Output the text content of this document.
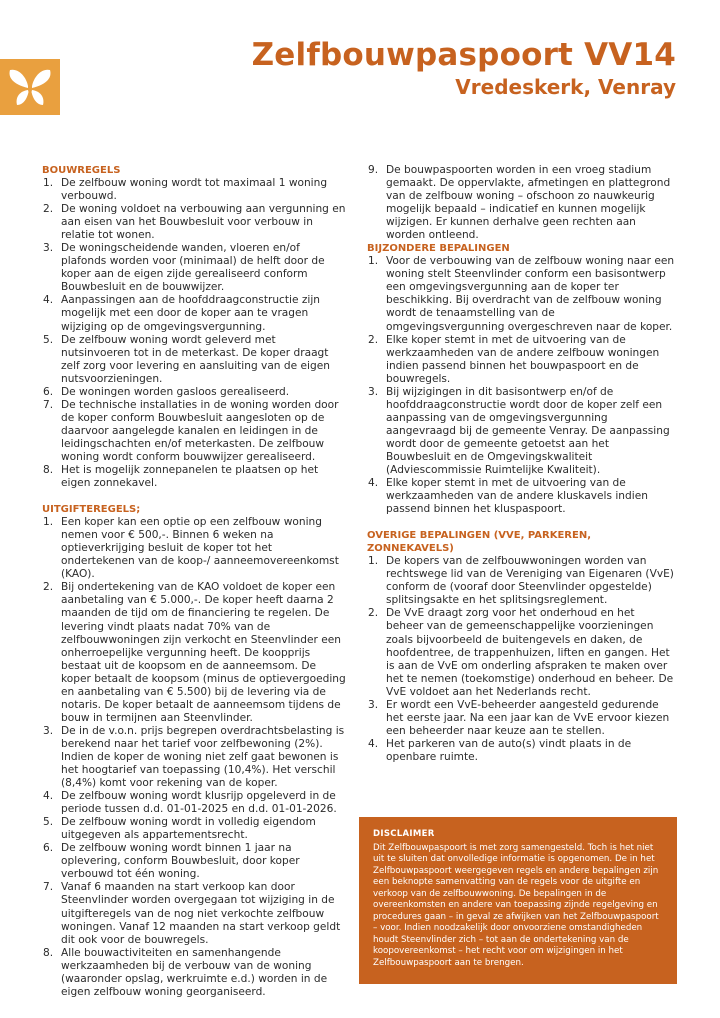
Zelfbouwpaspoort VV14
Vredeskerk, Venray
BOUWREGELS
1. De zelfbouw woning wordt tot maximaal 1 woning verbouwd.
2. De woning voldoet na verbouwing aan vergunning en aan eisen van het Bouwbesluit voor verbouw in relatie tot wonen.
3. De woningscheidende wanden, vloeren en/of plafonds worden voor (minimaal) de helft door de koper aan de eigen zijde gerealiseerd conform Bouwbesluit en de bouwwijzer.
4. Aanpassingen aan de hoofddraagconstructie zijn mogelijk met een door de koper aan te vragen wijziging op de omgevingsvergunning.
5. De zelfbouw woning wordt geleverd met nutsinvoeren tot in de meterkast. De koper draagt zelf zorg voor levering en aansluiting van de eigen nutsvoorzieningen.
6. De woningen worden gasloos gerealiseerd.
7. De technische installaties in de woning worden door de koper conform Bouwbesluit aangesloten op de daarvoor aangelegde kanalen en leidingen in de leidingschachten en/of meterkasten. De zelfbouw woning wordt conform bouwwijzer gerealiseerd.
8. Het is mogelijk zonnepanelen te plaatsen op het eigen zonnekavel.
UITGIFTEREGELS;
1. Een koper kan een optie op een zelfbouw woning nemen voor € 500,-. Binnen 6 weken na optieverkrijging besluit de koper tot het ondertekenen van de koop-/ aanneemovereenkomst (KAO).
2. Bij ondertekening van de KAO voldoet de koper een aanbetaling van € 5.000,-. De koper heeft daarna 2 maanden de tijd om de financiering te regelen. De levering vindt plaats nadat 70% van de zelfbouwwoningen zijn verkocht en Steenvlinder een onherroepelijke vergunning heeft. De koopprijs bestaat uit de koopsom en de aanneemsom. De koper betaalt de koopsom (minus de optievergoeding en aanbetaling van € 5.500) bij de levering via de notaris. De koper betaalt de aanneemsom tijdens de bouw in termijnen aan Steenvlinder.
3. De in de v.o.n. prijs begrepen overdrachtsbelasting is berekend naar het tarief voor zelfbewoning (2%). Indien de koper de woning niet zelf gaat bewonen is het hoogtarief van toepassing (10,4%). Het verschil (8,4%) komt voor rekening van de koper.
4. De zelfbouw woning wordt klusrijp opgeleverd in de periode tussen d.d. 01-01-2025 en d.d. 01-01-2026.
5. De zelfbouw woning wordt in volledig eigendom uitgegeven als appartementsrecht.
6. De zelfbouw woning wordt binnen 1 jaar na oplevering, conform Bouwbesluit, door koper verbouwd tot één woning.
7. Vanaf 6 maanden na start verkoop kan door Steenvlinder worden overgegaan tot wijziging in de uitgifteregels van de nog niet verkochte zelfbouw woningen. Vanaf 12 maanden na start verkoop geldt dit ook voor de bouwregels.
8. Alle bouwactiviteiten en samenhangende werkzaamheden bij de verbouw van de woning (waaronder opslag, werkruimte e.d.) worden in de eigen zelfbouw woning georganiseerd.
9. De bouwpaspoorten worden in een vroeg stadium gemaakt. De oppervlakte, afmetingen en plattegrond van de zelfbouw woning – ofschoon zo nauwkeurig mogelijk bepaald – indicatief en kunnen mogelijk wijzigen. Er kunnen derhalve geen rechten aan worden ontleend.
BIJZONDERE BEPALINGEN
1. Voor de verbouwing van de zelfbouw woning naar een woning stelt Steenvlinder conform een basisontwerp een omgevingsvergunning aan de koper ter beschikking. Bij overdracht van de zelfbouw woning wordt de tenaamstelling van de omgevingsvergunning overgeschreven naar de koper.
2. Elke koper stemt in met de uitvoering van de werkzaamheden van de andere zelfbouw woningen indien passend binnen het bouwpaspoort en de bouwregels.
3. Bij wijzigingen in dit basisontwerp en/of de hoofddraagconstructie wordt door de koper zelf een aanpassing van de omgevingsvergunning aangevraagd bij de gemeente Venray. De aanpassing wordt door de gemeente getoetst aan het Bouwbesluit en de Omgevingskwaliteit (Adviescommissie Ruimtelijke Kwaliteit).
4. Elke koper stemt in met de uitvoering van de werkzaamheden van de andere kluskavels indien passend binnen het kluspaspoort.
OVERIGE BEPALINGEN (VVE, PARKEREN, ZONNEKAVELS)
1. De kopers van de zelfbouwwoningen worden van rechtswege lid van de Vereniging van Eigenaren (VvE) conform de (vooraf door Steenvlinder opgestelde) splitsingsakte en het splitsingsreglement.
2. De VvE draagt zorg voor het onderhoud en het beheer van de gemeenschappelijke voorzieningen zoals bijvoorbeeld de buitengevels en daken, de hoofdentree, de trappenhuizen, liften en gangen. Het is aan de VvE om onderling afspraken te maken over het te nemen (toekomstige) onderhoud en beheer. De VvE voldoet aan het Nederlands recht.
3. Er wordt een VvE-beheerder aangesteld gedurende het eerste jaar. Na een jaar kan de VvE ervoor kiezen een beheerder naar keuze aan te stellen.
4. Het parkeren van de auto(s) vindt plaats in de openbare ruimte.
DISCLAIMER
Dit Zelfbouwpaspoort is met zorg samengesteld. Toch is het niet uit te sluiten dat onvolledige informatie is opgenomen. De in het Zelfbouwpaspoort weergegeven regels en andere bepalingen zijn een beknopte samenvatting van de regels voor de uitgifte en verkoop van de zelfbouwwoning. De bepalingen in de overeenkomsten en andere van toepassing zijnde regelgeving en procedures gaan – in geval ze afwijken van het Zelfbouwpaspoort – voor. Indien noodzakelijk door onvoorziene omstandigheden houdt Steenvlinder zich – tot aan de ondertekening van de koopovereenkomst – het recht voor om wijzigingen in het Zelfbouwpaspoort aan te brengen.
